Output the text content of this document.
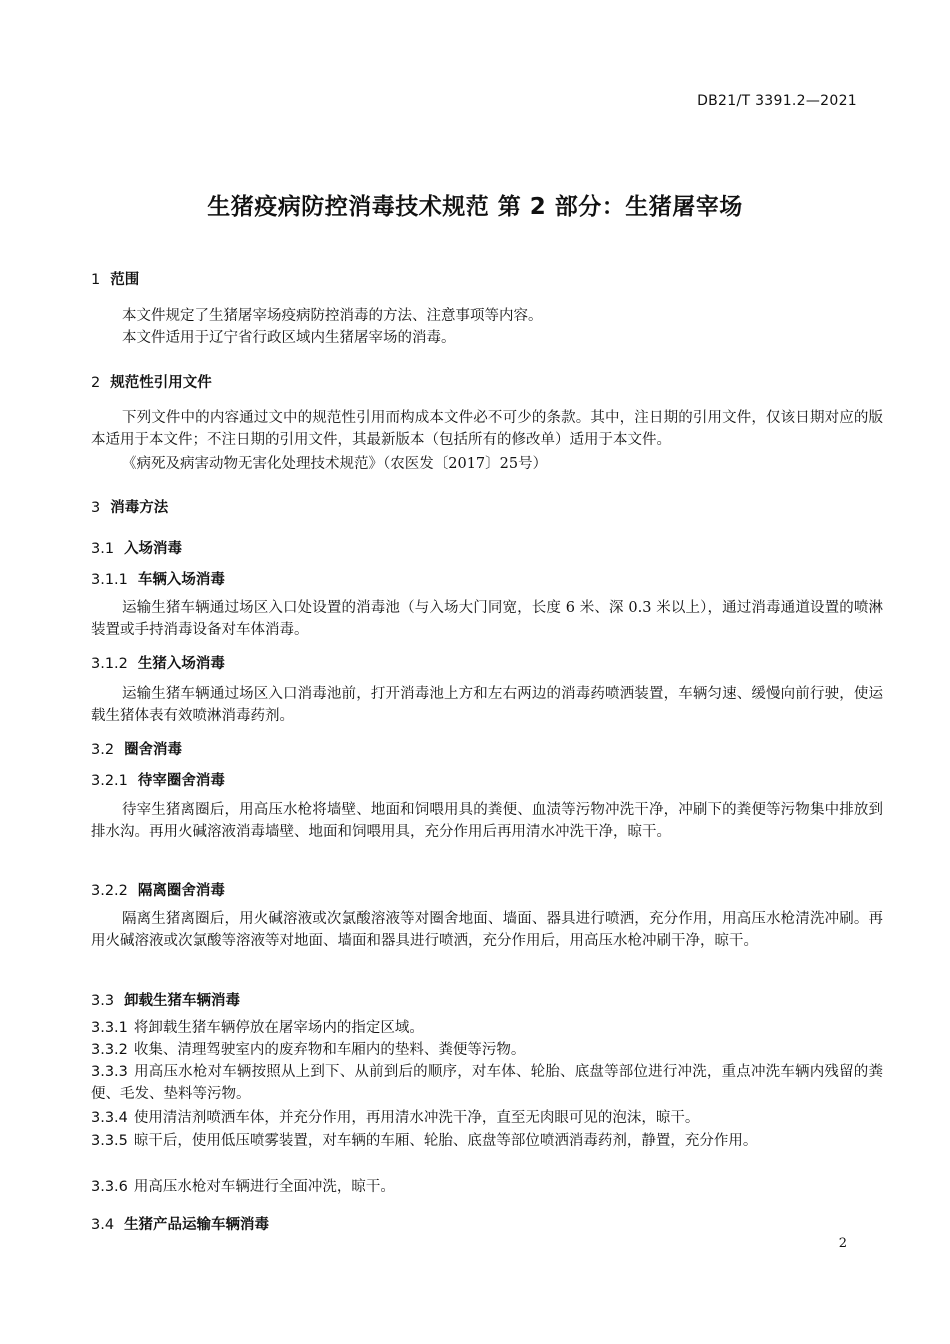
DB21/T 3391.2—2021
生猪疫病防控消毒技术规范 第 2 部分：生猪屠宰场
1 范围
本文件规定了生猪屠宰场疫病防控消毒的方法、注意事项等内容。
本文件适用于辽宁省行政区域内生猪屠宰场的消毒。
2 规范性引用文件
下列文件中的内容通过文中的规范性引用而构成本文件必不可少的条款。其中，注日期的引用文件，仅该日期对应的版本适用于本文件；不注日期的引用文件，其最新版本（包括所有的修改单）适用于本文件。
《病死及病害动物无害化处理技术规范》（农医发〔2017〕25号）
3 消毒方法
3.1 入场消毒
3.1.1 车辆入场消毒
运输生猪车辆通过场区入口处设置的消毒池（与入场大门同宽，长度 6 米、深 0.3 米以上），通过消毒通道设置的喷淋装置或手持消毒设备对车体消毒。
3.1.2 生猪入场消毒
运输生猪车辆通过场区入口消毒池前，打开消毒池上方和左右两边的消毒药喷洒装置，车辆匀速、缓慢向前行驶，使运载生猪体表有效喷淋消毒药剂。
3.2 圈舍消毒
3.2.1 待宰圈舍消毒
待宰生猪离圈后，用高压水枪将墙壁、地面和饲喂用具的粪便、血渍等污物冲洗干净，冲刷下的粪便等污物集中排放到排水沟。再用火碱溶液消毒墙壁、地面和饲喂用具，充分作用后再用清水冲洗干净，晾干。
3.2.2 隔离圈舍消毒
隔离生猪离圈后，用火碱溶液或次氯酸溶液等对圈舍地面、墙面、器具进行喷洒，充分作用，用高压水枪清洗冲刷。再用火碱溶液或次氯酸等溶液等对地面、墙面和器具进行喷洒，充分作用后，用高压水枪冲刷干净，晾干。
3.3 卸载生猪车辆消毒
3.3.1 将卸载生猪车辆停放在屠宰场内的指定区域。
3.3.2 收集、清理驾驶室内的废弃物和车厢内的垫料、粪便等污物。
3.3.3 用高压水枪对车辆按照从上到下、从前到后的顺序，对车体、轮胎、底盘等部位进行冲洗，重点冲洗车辆内残留的粪便、毛发、垫料等污物。
3.3.4 使用清洁剂喷洒车体，并充分作用，再用清水冲洗干净，直至无肉眼可见的泡沫，晾干。
3.3.5 晾干后，使用低压喷雾装置，对车辆的车厢、轮胎、底盘等部位喷洒消毒药剂，静置，充分作用。
3.3.6 用高压水枪对车辆进行全面冲洗，晾干。
3.4 生猪产品运输车辆消毒
2
